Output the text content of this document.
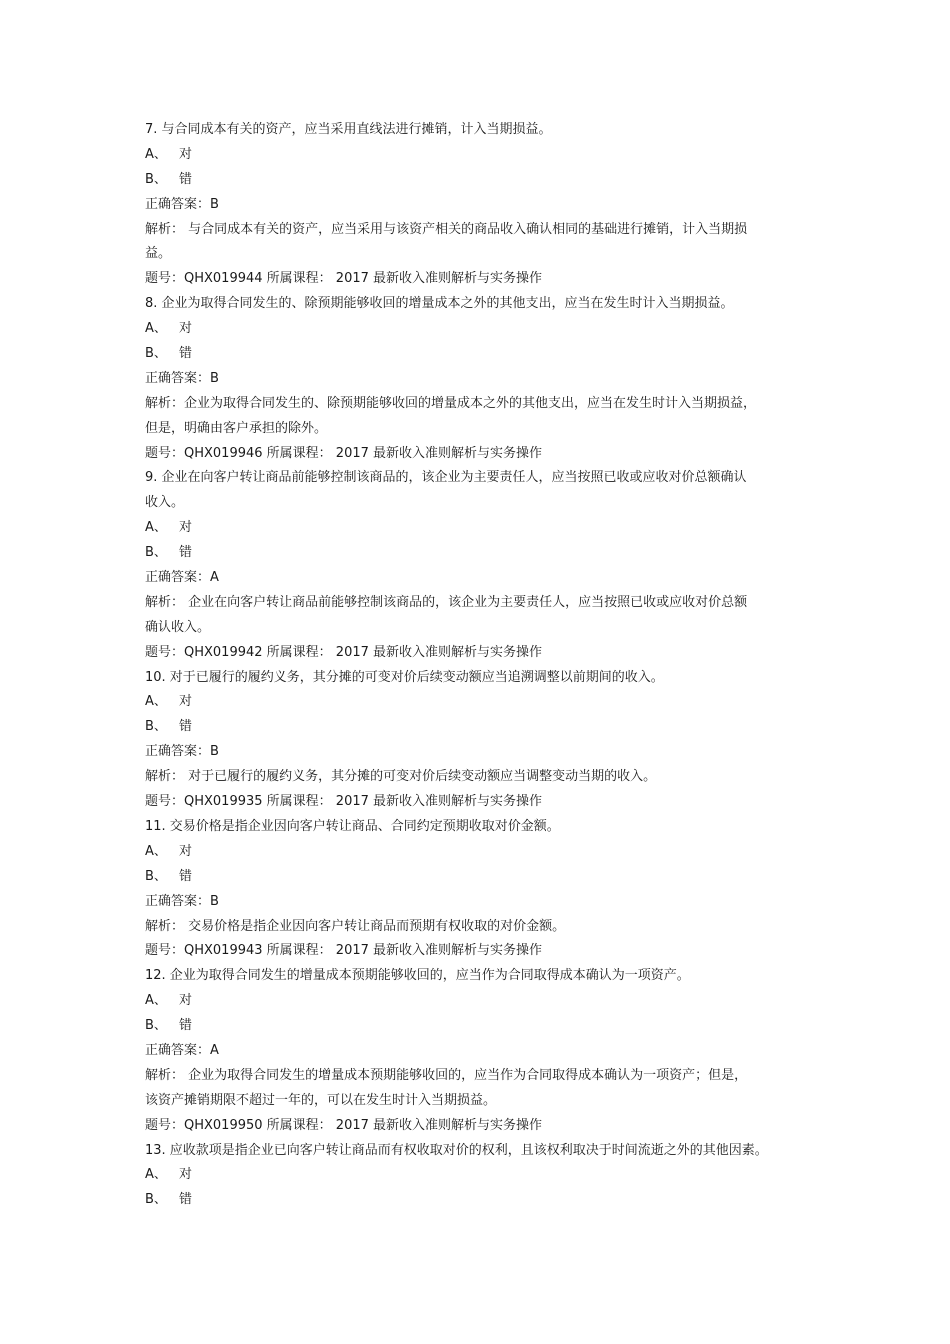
7. 与合同成本有关的资产，应当采用直线法进行摊销，计入当期损益。
A、 对
B、 错
正确答案：B
解析： 与合同成本有关的资产，应当采用与该资产相关的商品收入确认相同的基础进行摊销，计入当期损
益。
题号：QHX019944 所属课程： 2017 最新收入准则解析与实务操作
8. 企业为取得合同发生的、除预期能够收回的增量成本之外的其他支出，应当在发生时计入当期损益。
A、 对
B、 错
正确答案：B
解析：企业为取得合同发生的、除预期能够收回的增量成本之外的其他支出，应当在发生时计入当期损益，
但是，明确由客户承担的除外。
题号：QHX019946 所属课程： 2017 最新收入准则解析与实务操作
9. 企业在向客户转让商品前能够控制该商品的，该企业为主要责任人，应当按照已收或应收对价总额确认
收入。
A、 对
B、 错
正确答案：A
解析： 企业在向客户转让商品前能够控制该商品的，该企业为主要责任人，应当按照已收或应收对价总额
确认收入。
题号：QHX019942 所属课程： 2017 最新收入准则解析与实务操作
10. 对于已履行的履约义务，其分摊的可变对价后续变动额应当追溯调整以前期间的收入。
A、 对
B、 错
正确答案：B
解析： 对于已履行的履约义务，其分摊的可变对价后续变动额应当调整变动当期的收入。
题号：QHX019935 所属课程： 2017 最新收入准则解析与实务操作
11. 交易价格是指企业因向客户转让商品、合同约定预期收取对价金额。
A、 对
B、 错
正确答案：B
解析： 交易价格是指企业因向客户转让商品而预期有权收取的对价金额。
题号：QHX019943 所属课程： 2017 最新收入准则解析与实务操作
12. 企业为取得合同发生的增量成本预期能够收回的，应当作为合同取得成本确认为一项资产。
A、 对
B、 错
正确答案：A
解析： 企业为取得合同发生的增量成本预期能够收回的，应当作为合同取得成本确认为一项资产；但是，
该资产摊销期限不超过一年的，可以在发生时计入当期损益。
题号：QHX019950 所属课程： 2017 最新收入准则解析与实务操作
13. 应收款项是指企业已向客户转让商品而有权收取对价的权利，且该权利取决于时间流逝之外的其他因素。
A、 对
B、 错
